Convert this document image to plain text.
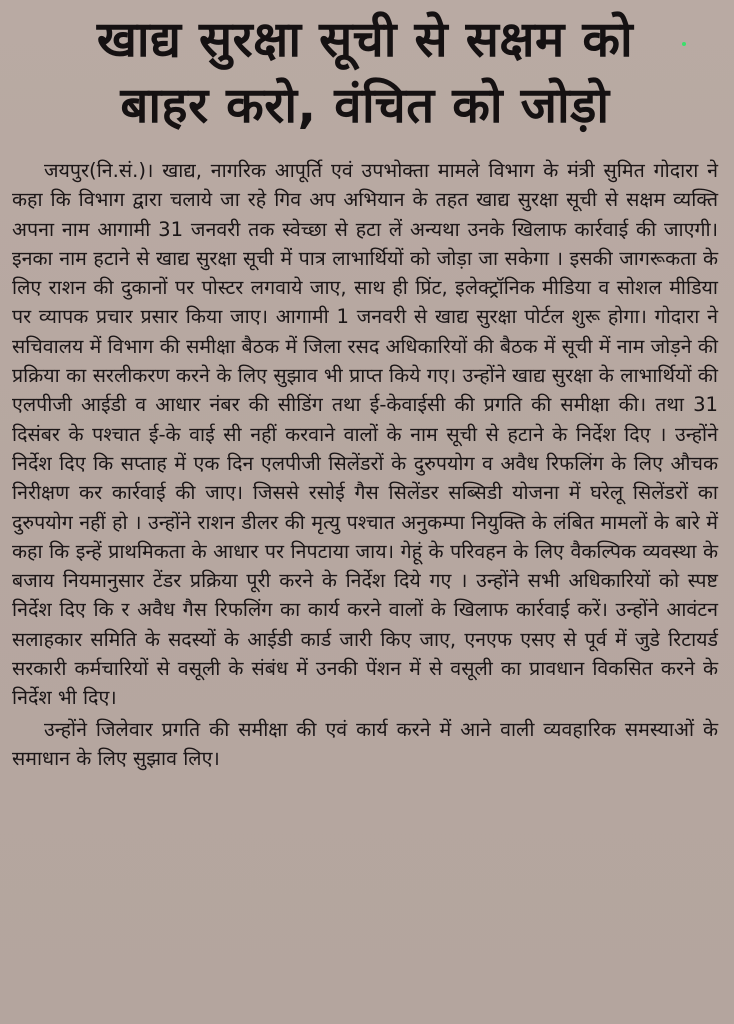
खाद्य सुरक्षा सूची से सक्षम को
बाहर करो, वंचित को जोड़ो

जयपुर(नि.सं.)। खाद्य, नागरिक आपूर्ति एवं उपभोक्ता मामले विभाग के मंत्री सुमित गोदारा ने कहा कि विभाग द्वारा चलाये जा रहे गिव अप अभियान के तहत खाद्य सुरक्षा सूची से सक्षम व्यक्ति अपना नाम आगामी 31 जनवरी तक स्वेच्छा से हटा लें अन्यथा उनके खिलाफ कार्रवाई की जाएगी। इनका नाम हटाने से खाद्य सुरक्षा सूची में पात्र लाभार्थियों को जोड़ा जा सकेगा । इसकी जागरूकता के लिए राशन की दुकानों पर पोस्टर लगवाये जाए, साथ ही प्रिंट, इलेक्ट्रॉनिक मीडिया व सोशल मीडिया पर व्यापक प्रचार प्रसार किया जाए। आगामी 1 जनवरी से खाद्य सुरक्षा पोर्टल शुरू होगा। गोदारा ने सचिवालय में विभाग की समीक्षा बैठक में जिला रसद अधिकारियों की बैठक में सूची में नाम जोड़ने की प्रक्रिया का सरलीकरण करने के लिए सुझाव भी प्राप्त किये गए। उन्होंने खाद्य सुरक्षा के लाभार्थियों की एलपीजी आईडी व आधार नंबर की सीडिंग तथा ई-केवाईसी की प्रगति की समीक्षा की। तथा 31 दिसंबर के पश्चात ई-के वाई सी नहीं करवाने वालों के नाम सूची से हटाने के निर्देश दिए । उन्होंने निर्देश दिए कि सप्ताह में एक दिन एलपीजी सिलेंडरों के दुरुपयोग व अवैध रिफलिंग के लिए औचक निरीक्षण कर कार्रवाई की जाए। जिससे रसोई गैस सिलेंडर सब्सिडी योजना में घरेलू सिलेंडरों का दुरुपयोग नहीं हो । उन्होंने राशन डीलर की मृत्यु पश्चात अनुकम्पा नियुक्ति के लंबित मामलों के बारे में कहा कि इन्हें प्राथमिकता के आधार पर निपटाया जाय। गेहूं के परिवहन के लिए वैकल्पिक व्यवस्था के बजाय नियमानुसार टेंडर प्रक्रिया पूरी करने के निर्देश दिये गए । उन्होंने सभी अधिकारियों को स्पष्ट निर्देश दिए कि र अवैध गैस रिफलिंग का कार्य करने वालों के खिलाफ कार्रवाई करें। उन्होंने आवंटन सलाहकार समिति के सदस्यों के आईडी कार्ड जारी किए जाए, एनएफ एसए से पूर्व में जुडे रिटायर्ड सरकारी कर्मचारियों से वसूली के संबंध में उनकी पेंशन में से वसूली का प्रावधान विकसित करने के निर्देश भी दिए।

उन्होंने जिलेवार प्रगति की समीक्षा की एवं कार्य करने में आने वाली व्यवहारिक समस्याओं के समाधान के लिए सुझाव लिए।
